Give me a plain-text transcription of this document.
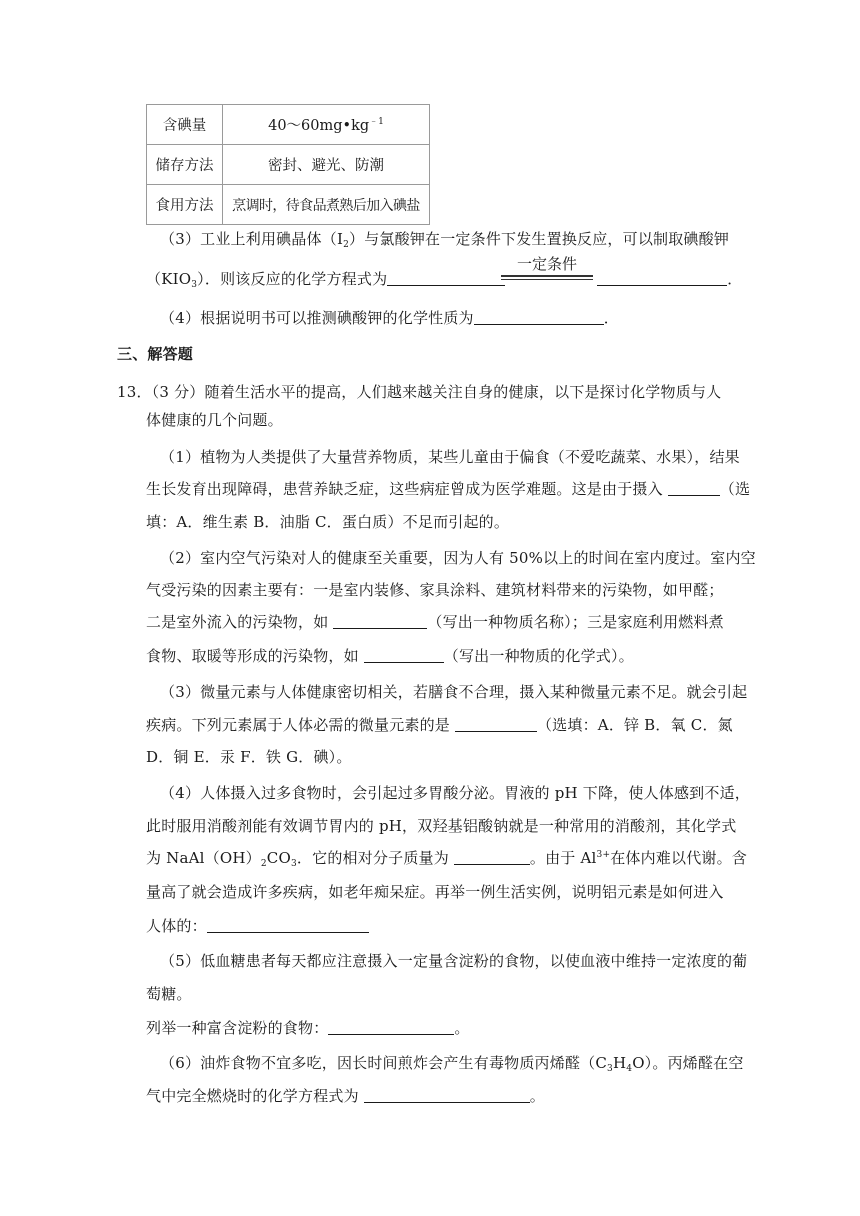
含碘量	$40\sim 60mg•kg^{﹣1}$
储存方法	密封、避光、防潮
食用方法	烹调时，待食品煮熟后加入碘盐
（3）工业上利用碘晶体$(I_2)$与氯酸钾在一定条件下发生置换反应，可以制取碘酸钾
$(KIO_3)$．则该反应的化学方程式为	．
一定条件
（4）根据说明书可以推测碘酸钾的化学性质为	．
三、解答题
13．（3 分）随着生活水平的提高，人们越来越关注自身的健康，以下是探讨化学物质与人
体健康的几个问题。
（1）植物为人类提供了大量营养物质，某些儿童由于偏食（不爱吃蔬菜、水果），结果
生长发育出现障碍，患营养缺乏症，这些病症曾成为医学难题。这是由于摄入	（选
填：A．维生素 B．油脂 C．蛋白质）不足而引起的。
（2）室内空气污染对人的健康至关重要，因为人有 50%以上的时间在室内度过。室内空
气受污染的因素主要有：一是室内装修、家具涂料、建筑材料带来的污染物，如甲醛；
二是室外流入的污染物，如	（写出一种物质名称）；三是家庭利用燃料煮
食物、取暖等形成的污染物，如	（写出一种物质的化学式）。
（3）微量元素与人体健康密切相关，若膳食不合理，摄入某种微量元素不足。就会引起
疾病。下列元素属于人体必需的微量元素的是	（选填：A．锌 B．氧 C．氮
D．铜 E．汞 F．铁 G．碘）。
（4）人体摄入过多食物时，会引起过多胃酸分泌。胃液的 pH 下降，使人体感到不适，
此时服用消酸剂能有效调节胃内的 pH，双羟基铝酸钠就是一种常用的消酸剂，其化学式
为 $NaAl(OH)_2CO_3$．它的相对分子质量为	。由于 $Al^{3+}$在体内难以代谢。含
量高了就会造成许多疾病，如老年痴呆症。再举一例生活实例，说明铝元素是如何进入
人体的：
（5）低血糖患者每天都应注意摄入一定量含淀粉的食物，以使血液中维持一定浓度的葡
萄糖。
列举一种富含淀粉的食物：	。
（6）油炸食物不宜多吃，因长时间煎炸会产生有毒物质丙烯醛$(C_3H_4O)$。丙烯醛在空
气中完全燃烧时的化学方程式为	。
